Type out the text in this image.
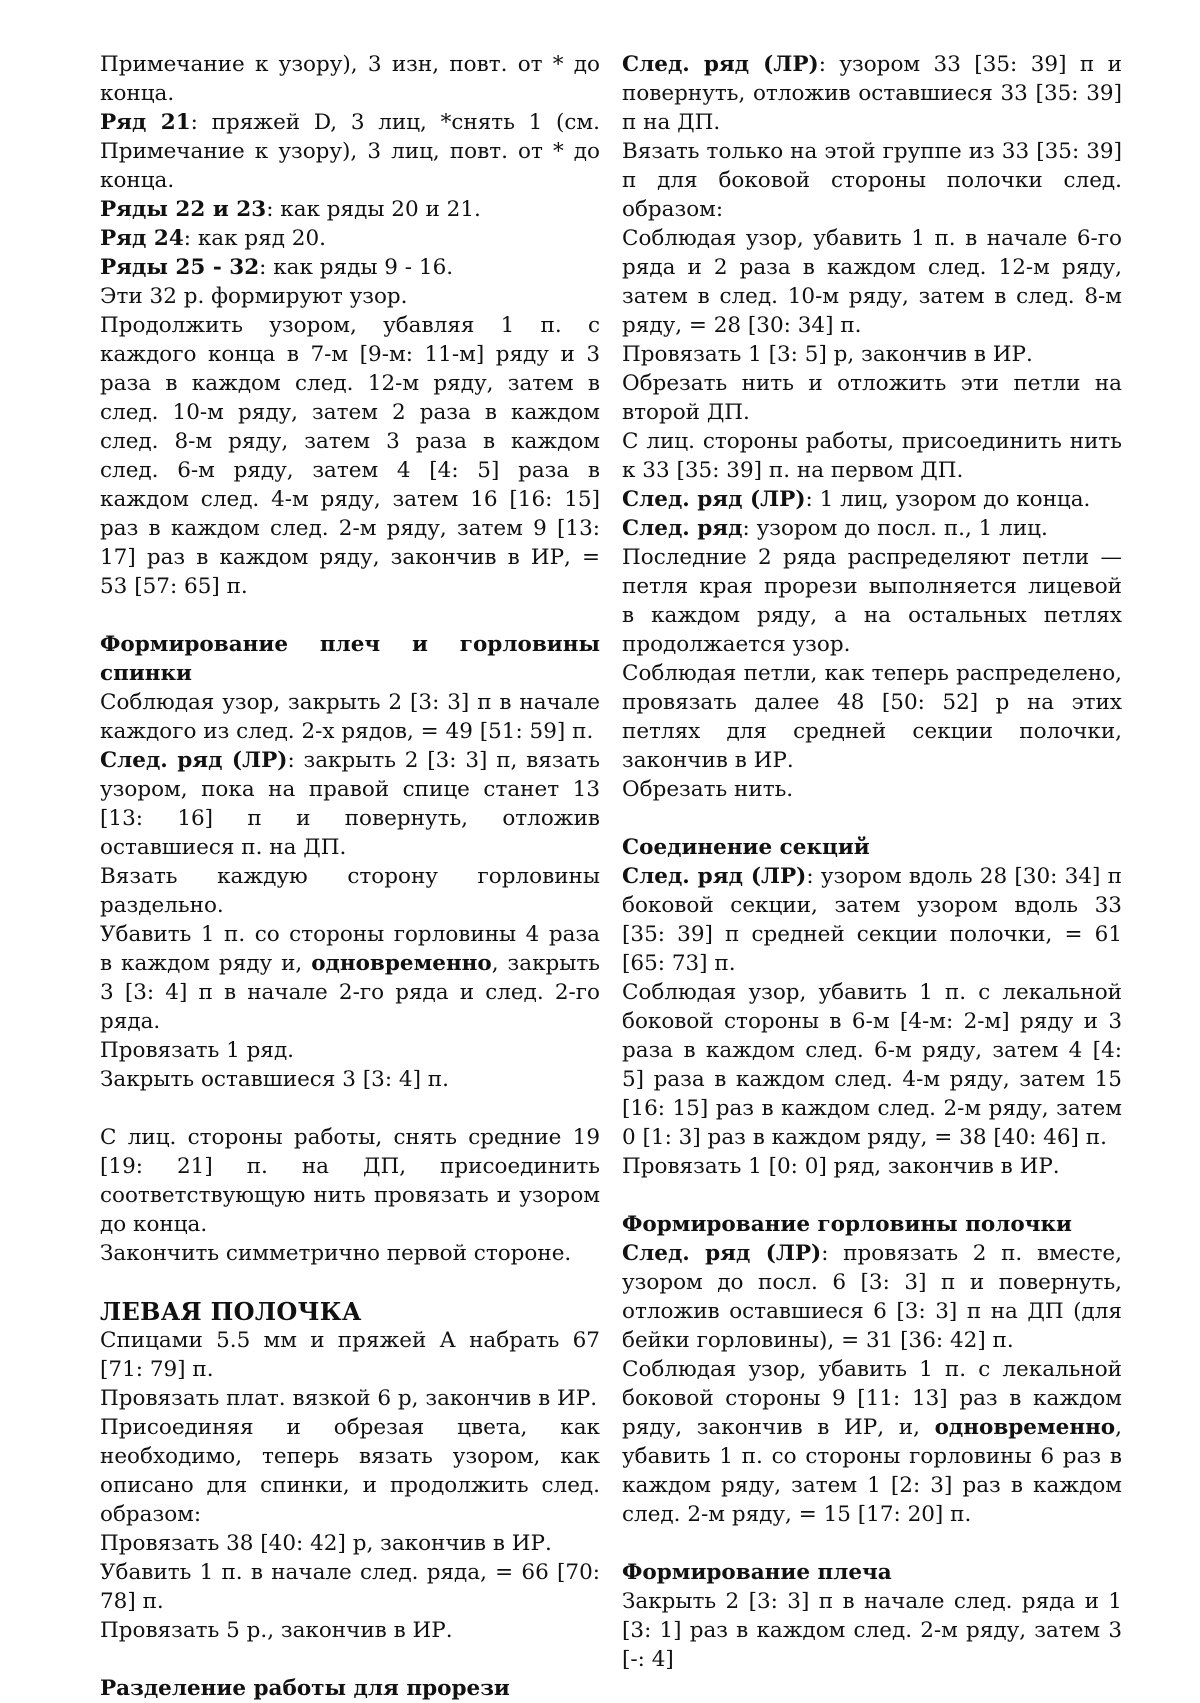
Примечание к узору), 3 изн, повт. от * до конца.

Ряд 21: пряжей D, 3 лиц, *снять 1 (см. Примечание к узору), 3 лиц, повт. от * до конца.

Ряды 22 и 23: как ряды 20 и 21.

Ряд 24: как ряд 20.

Ряды 25 - 32: как ряды 9 - 16.

Эти 32 р. формируют узор.

Продолжить узором, убавляя 1 п. с каждого конца в 7-м [9-м: 11-м] ряду и 3 раза в каждом след. 12-м ряду, затем в след. 10-м ряду, затем 2 раза в каждом след. 8-м ряду, затем 3 раза в каждом след. 6-м ряду, затем 4 [4: 5] раза в каждом след. 4-м ряду, затем 16 [16: 15] раз в каждом след. 2-м ряду, затем 9 [13: 17] раз в каждом ряду, закончив в ИР, = 53 [57: 65] п.

Формирование плеч и горловины спинки

Соблюдая узор, закрыть 2 [3: 3] п в начале каждого из след. 2-х рядов, = 49 [51: 59] п.

След. ряд (ЛР): закрыть 2 [3: 3] п, вязать узором, пока на правой спице станет 13 [13: 16] п и повернуть, отложив оставшиеся п. на ДП.

Вязать каждую сторону горловины раздельно.

Убавить 1 п. со стороны горловины 4 раза в каждом ряду и, одновременно, закрыть 3 [3: 4] п в начале 2-го ряда и след. 2-го ряда.

Провязать 1 ряд.

Закрыть оставшиеся 3 [3: 4] п.

С лиц. стороны работы, снять средние 19 [19: 21] п. на ДП, присоединить соответствующую нить провязать и узором до конца.

Закончить симметрично первой стороне.

ЛЕВАЯ ПОЛОЧКА

Спицами 5.5 мм и пряжей А набрать 67 [71: 79] п.

Провязать плат. вязкой 6 р, закончив в ИР.

Присоединяя и обрезая цвета, как необходимо, теперь вязать узором, как описано для спинки, и продолжить след. образом:

Провязать 38 [40: 42] р, закончив в ИР.

Убавить 1 п. в начале след. ряда, = 66 [70: 78] п.

Провязать 5 р., закончив в ИР.

Разделение работы для прорези

След. ряд (ЛР): узором 33 [35: 39] п и повернуть, отложив оставшиеся 33 [35: 39] п на ДП.

Вязать только на этой группе из 33 [35: 39] п для боковой стороны полочки след. образом:

Соблюдая узор, убавить 1 п. в начале 6-го ряда и 2 раза в каждом след. 12-м ряду, затем в след. 10-м ряду, затем в след. 8-м ряду, = 28 [30: 34] п.

Провязать 1 [3: 5] р, закончив в ИР.

Обрезать нить и отложить эти петли на второй ДП.

С лиц. стороны работы, присоединить нить к 33 [35: 39] п. на первом ДП.

След. ряд (ЛР): 1 лиц, узором до конца.

След. ряд: узором до посл. п., 1 лиц.

Последние 2 ряда распределяют петли — петля края прорези выполняется лицевой в каждом ряду, а на остальных петлях продолжается узор.

Соблюдая петли, как теперь распределено, провязать далее 48 [50: 52] р на этих петлях для средней секции полочки, закончив в ИР.

Обрезать нить.

Соединение секций

След. ряд (ЛР): узором вдоль 28 [30: 34] п боковой секции, затем узором вдоль 33 [35: 39] п средней секции полочки, = 61 [65: 73] п.

Соблюдая узор, убавить 1 п. с лекальной боковой стороны в 6-м [4-м: 2-м] ряду и 3 раза в каждом след. 6-м ряду, затем 4 [4: 5] раза в каждом след. 4-м ряду, затем 15 [16: 15] раз в каждом след. 2-м ряду, затем 0 [1: 3] раз в каждом ряду, = 38 [40: 46] п.

Провязать 1 [0: 0] ряд, закончив в ИР.

Формирование горловины полочки

След. ряд (ЛР): провязать 2 п. вместе, узором до посл. 6 [3: 3] п и повернуть, отложив оставшиеся 6 [3: 3] п на ДП (для бейки горловины), = 31 [36: 42] п.

Соблюдая узор, убавить 1 п. с лекальной боковой стороны 9 [11: 13] раз в каждом ряду, закончив в ИР, и, одновременно, убавить 1 п. со стороны горловины 6 раз в каждом ряду, затем 1 [2: 3] раз в каждом след. 2-м ряду, = 15 [17: 20] п.

Формирование плеча

Закрыть 2 [3: 3] п в начале след. ряда и 1 [3: 1] раз в каждом след. 2-м ряду, затем 3 [-: 4]
